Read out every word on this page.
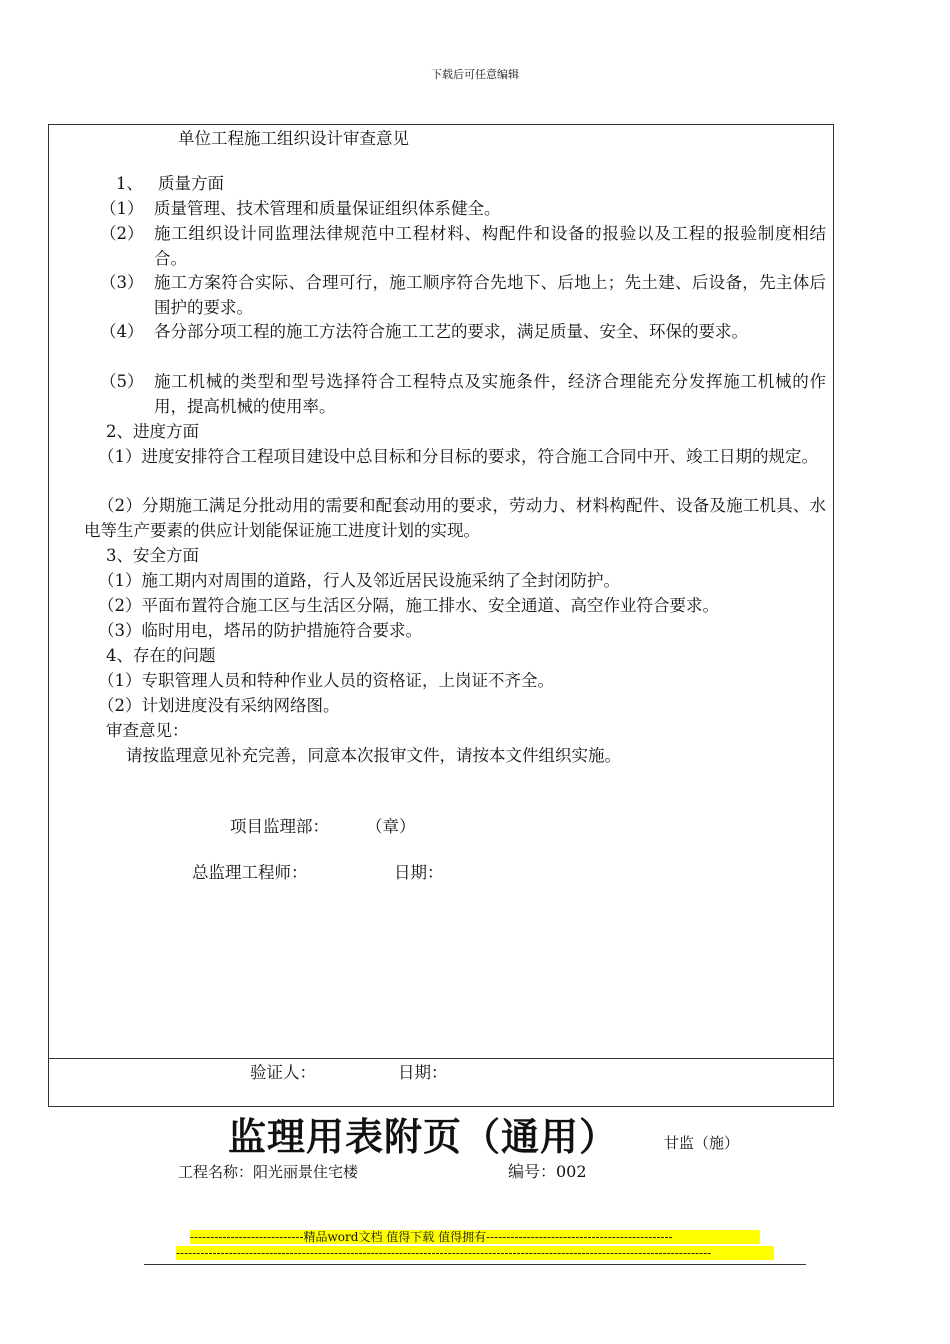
下载后可任意编辑
单位工程施工组织设计审查意见
1、 质量方面
（1） 质量管理、技术管理和质量保证组织体系健全。
（2） 施工组织设计同监理法律规范中工程材料、构配件和设备的报验以及工程的报验制度相结合。
（3） 施工方案符合实际、合理可行，施工顺序符合先地下、后地上；先土建、后设备，先主体后围护的要求。
（4） 各分部分项工程的施工方法符合施工工艺的要求，满足质量、安全、环保的要求。
（5） 施工机械的类型和型号选择符合工程特点及实施条件，经济合理能充分发挥施工机械的作用，提高机械的使用率。
2、进度方面
（1）进度安排符合工程项目建设中总目标和分目标的要求，符合施工合同中开、竣工日期的规定。
（2）分期施工满足分批动用的需要和配套动用的要求，劳动力、材料构配件、设备及施工机具、水电等生产要素的供应计划能保证施工进度计划的实现。
3、安全方面
（1）施工期内对周围的道路，行人及邻近居民设施采纳了全封闭防护。
（2）平面布置符合施工区与生活区分隔，施工排水、安全通道、高空作业符合要求。
（3）临时用电，塔吊的防护措施符合要求。
4、存在的问题
（1）专职管理人员和特种作业人员的资格证，上岗证不齐全。
（2）计划进度没有采纳网络图。
审查意见：
请按监理意见补充完善，同意本次报审文件，请按本文件组织实施。
项目监理部： （章）
总监理工程师：	日期：
验证人：	日期：
监理用表附页（通用）	甘监（施）
工程名称：阳光丽景住宅楼	编号：002
----------------------------精品word文档 值得下载 值得拥有----------------------------------------------
------------------------------------------------------------------------------------------------------------------------------------
